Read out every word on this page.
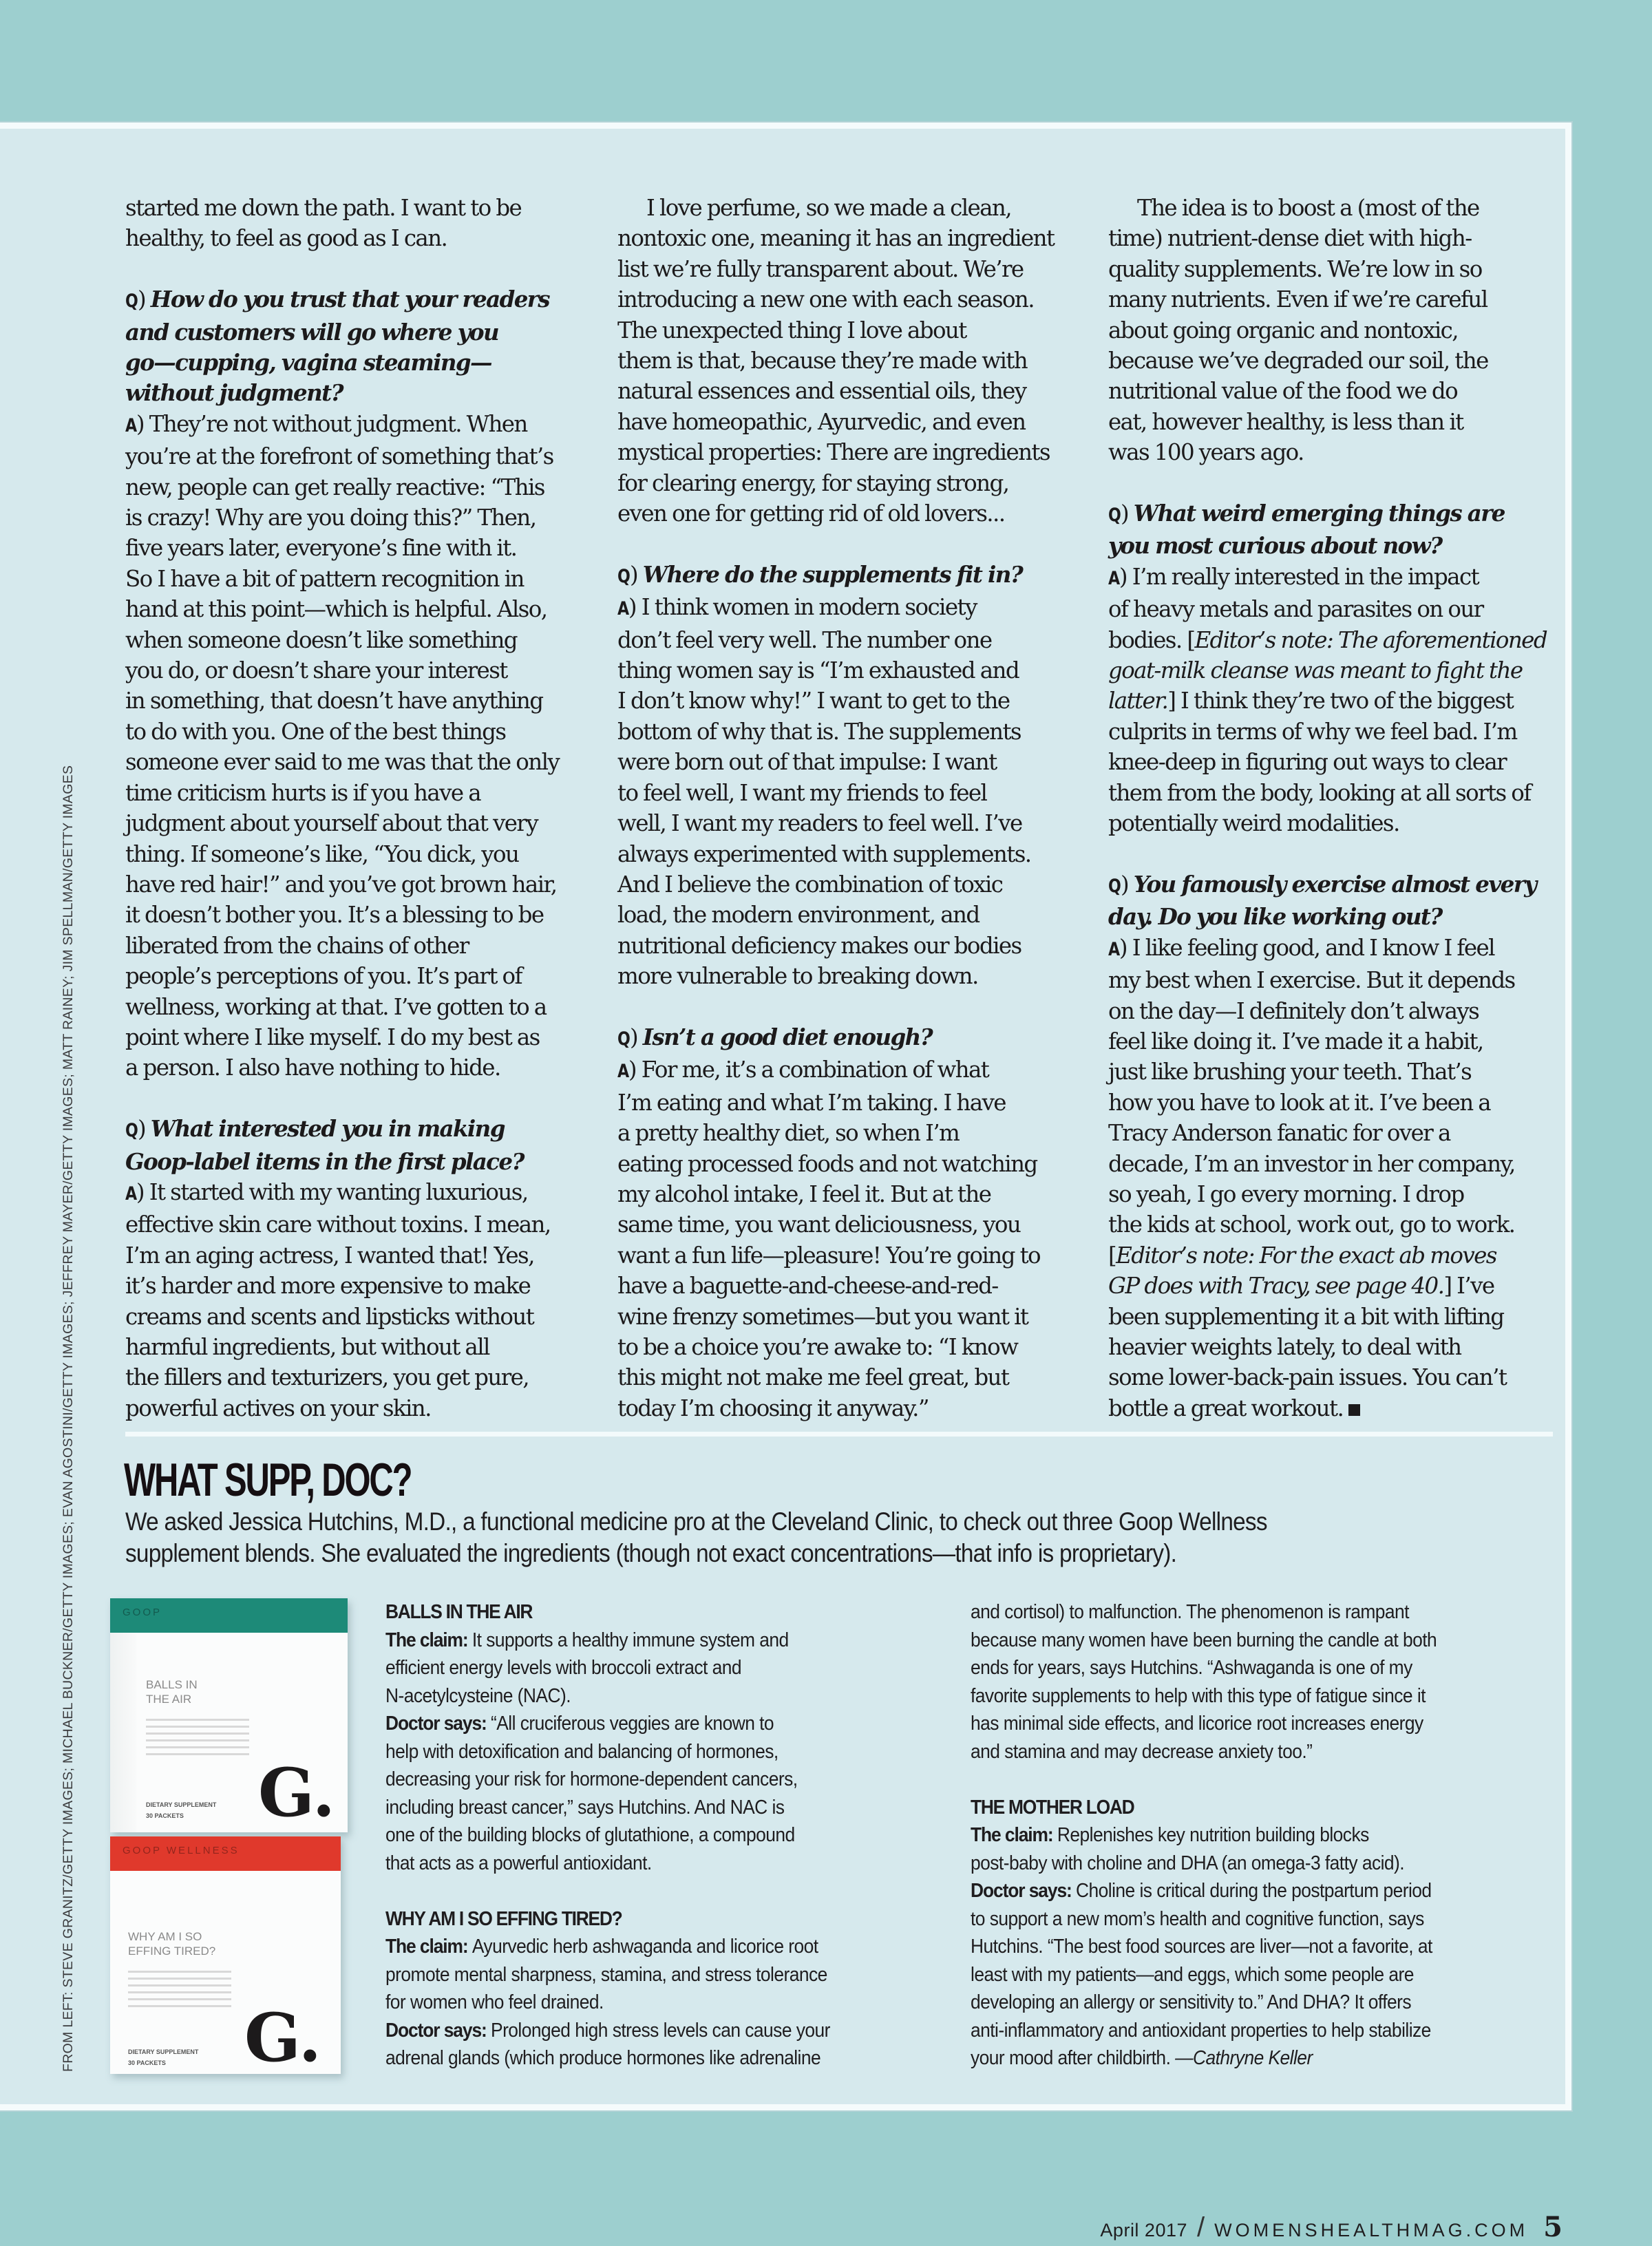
started me down the path. I want to be
healthy, to feel as good as I can.

Q) How do you trust that your readers
and customers will go where you
go—cupping, vagina steaming—
without judgment?
A) They’re not without judgment. When
you’re at the forefront of something that’s
new, people can get really reactive: “This
is crazy! Why are you doing this?” Then,
five years later, everyone’s fine with it.
So I have a bit of pattern recognition in
hand at this point—which is helpful. Also,
when someone doesn’t like something
you do, or doesn’t share your interest
in something, that doesn’t have anything
to do with you. One of the best things
someone ever said to me was that the only
time criticism hurts is if you have a
judgment about yourself about that very
thing. If someone’s like, “You dick, you
have red hair!” and you’ve got brown hair,
it doesn’t bother you. It’s a blessing to be
liberated from the chains of other
people’s perceptions of you. It’s part of
wellness, working at that. I’ve gotten to a
point where I like myself. I do my best as
a person. I also have nothing to hide.

Q) What interested you in making
Goop-label items in the first place?
A) It started with my wanting luxurious,
effective skin care without toxins. I mean,
I’m an aging actress, I wanted that! Yes,
it’s harder and more expensive to make
creams and scents and lipsticks without
harmful ingredients, but without all
the fillers and texturizers, you get pure,
powerful actives on your skin.

I love perfume, so we made a clean,
nontoxic one, meaning it has an ingredient
list we’re fully transparent about. We’re
introducing a new one with each season.
The unexpected thing I love about
them is that, because they’re made with
natural essences and essential oils, they
have homeopathic, Ayurvedic, and even
mystical properties: There are ingredients
for clearing energy, for staying strong,
even one for getting rid of old lovers...

Q) Where do the supplements fit in?
A) I think women in modern society
don’t feel very well. The number one
thing women say is “I’m exhausted and
I don’t know why!” I want to get to the
bottom of why that is. The supplements
were born out of that impulse: I want
to feel well, I want my friends to feel
well, I want my readers to feel well. I’ve
always experimented with supplements.
And I believe the combination of toxic
load, the modern environment, and
nutritional deficiency makes our bodies
more vulnerable to breaking down.

Q) Isn’t a good diet enough?
A) For me, it’s a combination of what
I’m eating and what I’m taking. I have
a pretty healthy diet, so when I’m
eating processed foods and not watching
my alcohol intake, I feel it. But at the
same time, you want deliciousness, you
want a fun life—pleasure! You’re going to
have a baguette-and-cheese-and-red-
wine frenzy sometimes—but you want it
to be a choice you’re awake to: “I know
this might not make me feel great, but
today I’m choosing it anyway.”

The idea is to boost a (most of the
time) nutrient-dense diet with high-
quality supplements. We’re low in so
many nutrients. Even if we’re careful
about going organic and nontoxic,
because we’ve degraded our soil, the
nutritional value of the food we do
eat, however healthy, is less than it
was 100 years ago.

Q) What weird emerging things are
you most curious about now?
A) I’m really interested in the impact
of heavy metals and parasites on our
bodies. [Editor’s note: The aforementioned
goat-milk cleanse was meant to fight the
latter.] I think they’re two of the biggest
culprits in terms of why we feel bad. I’m
knee-deep in figuring out ways to clear
them from the body, looking at all sorts of
potentially weird modalities.

Q) You famously exercise almost every
day. Do you like working out?
A) I like feeling good, and I know I feel
my best when I exercise. But it depends
on the day—I definitely don’t always
feel like doing it. I’ve made it a habit,
just like brushing your teeth. That’s
how you have to look at it. I’ve been a
Tracy Anderson fanatic for over a
decade, I’m an investor in her company,
so yeah, I go every morning. I drop
the kids at school, work out, go to work.
[Editor’s note: For the exact ab moves
GP does with Tracy, see page 40.] I’ve
been supplementing it a bit with lifting
heavier weights lately, to deal with
some lower-back-pain issues. You can’t
bottle a great workout.

WHAT SUPP, DOC?
We asked Jessica Hutchins, M.D., a functional medicine pro at the Cleveland Clinic, to check out three Goop Wellness
supplement blends. She evaluated the ingredients (though not exact concentrations—that info is proprietary).
GOOP
BALLS IN
THE AIR
DIETARY SUPPLEMENT
30 PACKETS	G.
GOOP WELLNESS
WHY AM I SO
EFFING TIRED?
DIETARY SUPPLEMENT
30 PACKETS	G.
BALLS IN THE AIR
The claim: It supports a healthy immune system and
efficient energy levels with broccoli extract and
N-acetylcysteine (NAC).
Doctor says: “All cruciferous veggies are known to
help with detoxification and balancing of hormones,
decreasing your risk for hormone-dependent cancers,
including breast cancer,” says Hutchins. And NAC is
one of the building blocks of glutathione, a compound
that acts as a powerful antioxidant.
WHY AM I SO EFFING TIRED?
The claim: Ayurvedic herb ashwaganda and licorice root
promote mental sharpness, stamina, and stress tolerance
for women who feel drained.
Doctor says: Prolonged high stress levels can cause your
adrenal glands (which produce hormones like adrenaline
and cortisol) to malfunction. The phenomenon is rampant
because many women have been burning the candle at both
ends for years, says Hutchins. “Ashwaganda is one of my
favorite supplements to help with this type of fatigue since it
has minimal side effects, and licorice root increases energy
and stamina and may decrease anxiety too.”
THE MOTHER LOAD
The claim: Replenishes key nutrition building blocks
post-baby with choline and DHA (an omega-3 fatty acid).
Doctor says: Choline is critical during the postpartum period
to support a new mom’s health and cognitive function, says
Hutchins. “The best food sources are liver—not a favorite, at
least with my patients—and eggs, which some people are
developing an allergy or sensitivity to.” And DHA? It offers
anti-inflammatory and antioxidant properties to help stabilize
your mood after childbirth. —Cathryne Keller
FROM LEFT: STEVE GRANITZ/GETTY IMAGES; MICHAEL BUCKNER/GETTY IMAGES; EVAN AGOSTINI/GETTY IMAGES; JEFFREY MAYER/GETTY IMAGES; MATT RAINEY; JIM SPELLMAN/GETTY IMAGES
April 2017 / WOMENSHEALTHMAG.COM 5
